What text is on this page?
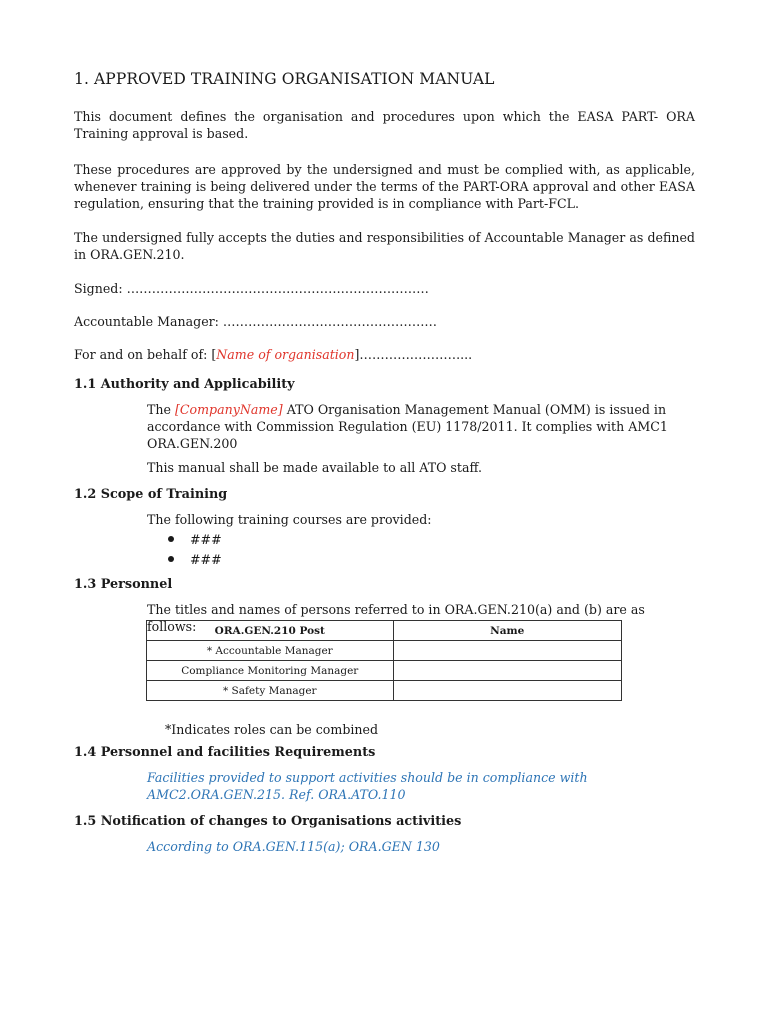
1. APPROVED TRAINING ORGANISATION MANUAL
This document defines the organisation and procedures upon which the EASA PART- ORA Training approval is based.
These procedures are approved by the undersigned and must be complied with, as applicable, whenever training is being delivered under the terms of the PART-ORA approval and other EASA regulation, ensuring that the training provided is in compliance with Part-FCL.
The undersigned fully accepts the duties and responsibilities of Accountable Manager as defined in ORA.GEN.210.
Signed: ………………………………………………………………
Accountable Manager: ……………………………………………
For and on behalf of: [Name of organisation]……………………...
1.1 Authority and Applicability
The [CompanyName] ATO Organisation Management Manual (OMM) is issued in accordance with Commission Regulation (EU) 1178/2011. It complies with AMC1 ORA.GEN.200
This manual shall be made available to all ATO staff.
1.2 Scope of Training
The following training courses are provided:
###
###
1.3 Personnel
The titles and names of persons referred to in ORA.GEN.210(a) and (b) are as follows:	ORA.GEN.210 Post	Name
* Accountable Manager	
Compliance Monitoring Manager	
* Safety Manager	
*Indicates roles can be combined
1.4 Personnel and facilities Requirements
Facilities provided to support activities should be in compliance with AMC2.ORA.GEN.215. Ref. ORA.ATO.110
1.5 Notification of changes to Organisations activities
According to ORA.GEN.115(a); ORA.GEN 130
